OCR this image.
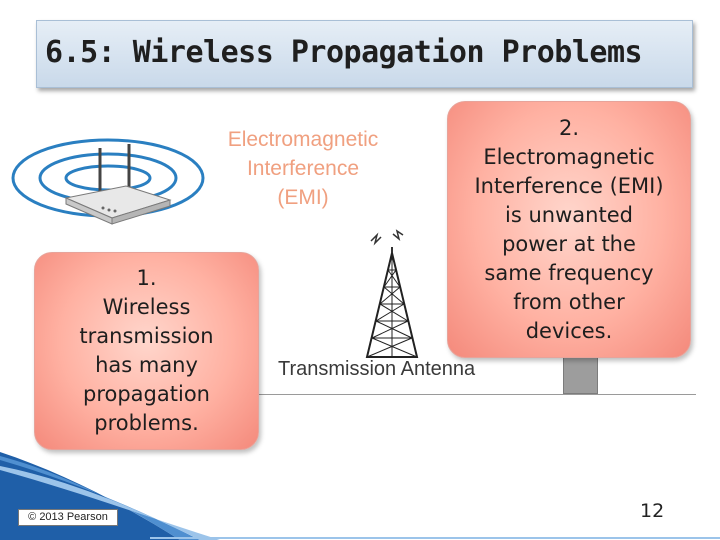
6.5: Wireless Propagation Problems
Electromagnetic
Interference
(EMI)
Transmission Antenna
1.
Wireless
transmission
has many
propagation
problems.
2.
Electromagnetic
Interference (EMI)
is unwanted
power at the
same frequency
from other
devices.
© 2013 Pearson	12
